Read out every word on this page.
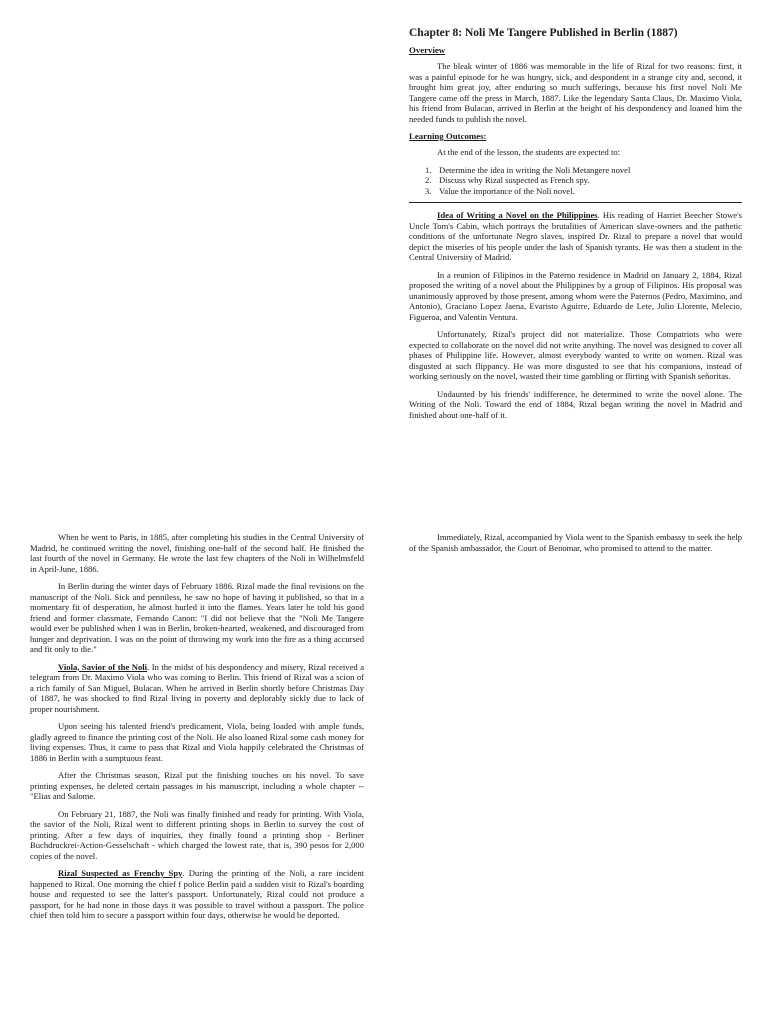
Chapter 8: Noli Me Tangere Published in Berlin (1887)
Overview

The bleak winter of 1886 was memorable in the life of Rizal for two reasons: first, it was a painful episode for he was hungry, sick, and despondent in a strange city and, second, it brought him great joy, after enduring so much sufferings, because his first novel Noli Me Tangere came off the press in March, 1887. Like the legendary Santa Claus, Dr. Maximo Viola, his friend from Bulacan, arrived in Berlin at the height of his despondency and loaned him the needed funds to publish the novel.

Learning Outcomes:

At the end of the lesson, the students are expected to:

1. Determine the idea in writing the Noli Metangere novel
2. Discuss why Rizal suspected as French spy.
3. Value the importance of the Noli novel.

Idea of Writing a Novel on the Philippines. His reading of Harriet Beecher Stowe's Uncle Tom's Cabin, which portrays the brutalities of American slave-owners and the pathetic conditions of the unfortunate Negro slaves, inspired Dr. Rizal to prepare a novel that would depict the miseries of his people under the lash of Spanish tyrants. He was then a student in the Central University of Madrid.

In a reunion of Filipinos in the Paterno residence in Madrid on January 2, 1884, Rizal proposed the writing of a novel about the Philippines by a group of Filipinos. His proposal was unanimously approved by those present, among whom were the Paternos (Pedro, Maximino, and Antonio), Graciano Lopez Jaena, Evaristo Aguirre, Eduardo de Lete, Julio Llorente, Melecio, Figueroa, and Valentin Ventura.

Unfortunately, Rizal's project did not materialize. Those Compatriots who were expected to collaborate on the novel did not write anything. The novel was designed to cover all phases of Philippine life. However, almost everybody wanted to write on women. Rizal was disgusted at such flippancy. He was more disgusted to see that his companions, instead of working seriously on the novel, wasted their time gambling or flirting with Spanish señoritas.

Undaunted by his friends' indifference, he determined to write the novel alone. The Writing of the Noli. Toward the end of 1884, Rizal began writing the novel in Madrid and finished about one-half of it.

When he went to Paris, in 1885, after completing his studies in the Central University of Madrid, he continued writing the novel, finishing one-half of the second half. He finished the last fourth of the novel in Germany. He wrote the last few chapters of the Noli in Wilhelmsfeld in April-June, 1886.

In Berlin during the winter days of February 1886. Rizal made the final revisions on the manuscript of the Noli. Sick and penniless, he saw no hope of having it published, so that in a momentary fit of desperation, he almost hurled it into the flames. Years later he told his good friend and former classmate, Fernando Canon: "I did not believe that the "Noli Me Tangere would ever be published when I was in Berlin, broken-hearted, weakened, and discouraged from hunger and deprivation. I was on the point of throwing my work into the fire as a thing accursed and fit only to die."

Viola, Savior of the Noli. In the midst of his despondency and misery, Rizal received a telegram from Dr. Maximo Viola who was coming to Berlin. This friend of Rizal was a scion of a rich family of San Miguel, Bulacan. When he arrived in Berlin shortly before Christmas Day of 1887, he was shocked to find Rizal living in poverty and deplorably sickly due to lack of proper nourishment.

Upon seeing his talented friend's predicament, Viola, being loaded with ample funds, gladly agreed to finance the printing cost of the Noli. He also loaned Rizal some cash money for living expenses. Thus, it came to pass that Rizal and Viola happily celebrated the Christmas of 1886 in Berlin with a sumptuous feast.

After the Christmas season, Rizal put the finishing touches on his novel. To save printing expenses, he deleted certain passages in his manuscript, including a whole chapter -- "Elias and Salome.

On February 21, 1887, the Noli was finally finished and ready for printing. With Viola, the savior of the Noli, Rizal went to different printing shops in Berlin to survey the cost of printing. After a few days of inquiries, they finally found a printing shop - Berliner Buchdruckrei-Action-Gesselschaft - which charged the lowest rate, that is, 390 pesos for 2,000 copies of the novel.

Rizal Suspected as Frenchy Spy. During the printing of the Noli, a rare incident happened to Rizal. One morning the chief f police Berlin paid a sudden visit to Rizal's boarding house and requested to see the latter's passport. Unfortunately, Rizal could not produce a passport, for he had none in those days it was possible to travel without a passport. The police chief then told him to secure a passport within four days, otherwise he would be deported.

Immediately, Rizal, accompanied by Viola went to the Spanish embassy to seek the help of the Spanish ambassador, the Court of Benomar, who promised to attend to the matter.
